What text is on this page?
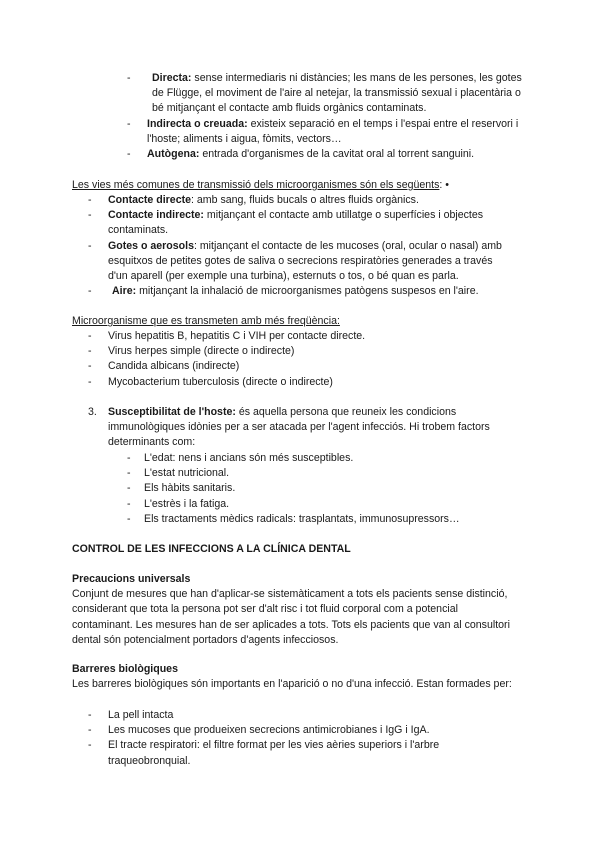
-	Directa: sense intermediaris ni distàncies; les mans de les persones, les gotes de Flügge, el moviment de l'aire al netejar, la transmissió sexual i placentària o bé mitjançant el contacte amb fluids orgànics contaminats.

- Indirecta o creuada: existeix separació en el temps i l'espai entre el reservori i l'hoste; aliments i aigua, fòmits, vectors…

- Autògena: entrada d'organismes de la cavitat oral al torrent sanguini.

Les vies més comunes de transmissió dels microorganismes són els següents: •

- Contacte directe: amb sang, fluids bucals o altres fluids orgànics.

- Contacte indirecte: mitjançant el contacte amb utillatge o superfícies i objectes contaminats.

- Gotes o aerosols: mitjançant el contacte de les mucoses (oral, ocular o nasal) amb esquitxos de petites gotes de saliva o secrecions respiratòries generades a través d'un aparell (per exemple una turbina), esternuts o tos, o bé quan es parla.

-	Aire: mitjançant la inhalació de microorganismes patògens suspesos en l'aire.

Microorganisme que es transmeten amb més freqüència:

- Virus hepatitis B, hepatitis C i VIH per contacte directe.

- Virus herpes simple (directe o indirecte)

- Candida albicans (indirecte)

- Mycobacterium tuberculosis (directe o indirecte)

3. Susceptibilitat de l'hoste: és aquella persona que reuneix les condicions immunològiques idònies per a ser atacada per l'agent infecciós. Hi trobem factors determinants com:

- L'edat: nens i ancians són més susceptibles.

- L'estat nutricional.

- Els hàbits sanitaris.

- L'estrès i la fatiga.

- Els tractaments mèdics radicals: trasplantats, immunosupressors…

CONTROL DE LES INFECCIONS A LA CLÍNICA DENTAL

Precaucions universals

Conjunt de mesures que han d'aplicar-se sistemàticament a tots els pacients sense distinció, considerant que tota la persona pot ser d'alt risc i tot fluid corporal com a potencial contaminant. Les mesures han de ser aplicades a tots. Tots els pacients que van al consultori dental són potencialment portadors d'agents infecciosos.

Barreres biològiques

Les barreres biològiques són importants en l'aparició o no d'una infecció. Estan formades per:

- La pell intacta

- Les mucoses que produeixen secrecions antimicrobianes i IgG i IgA.

- El tracte respiratori: el filtre format per les vies aèries superiors i l'arbre traqueobronquial.
